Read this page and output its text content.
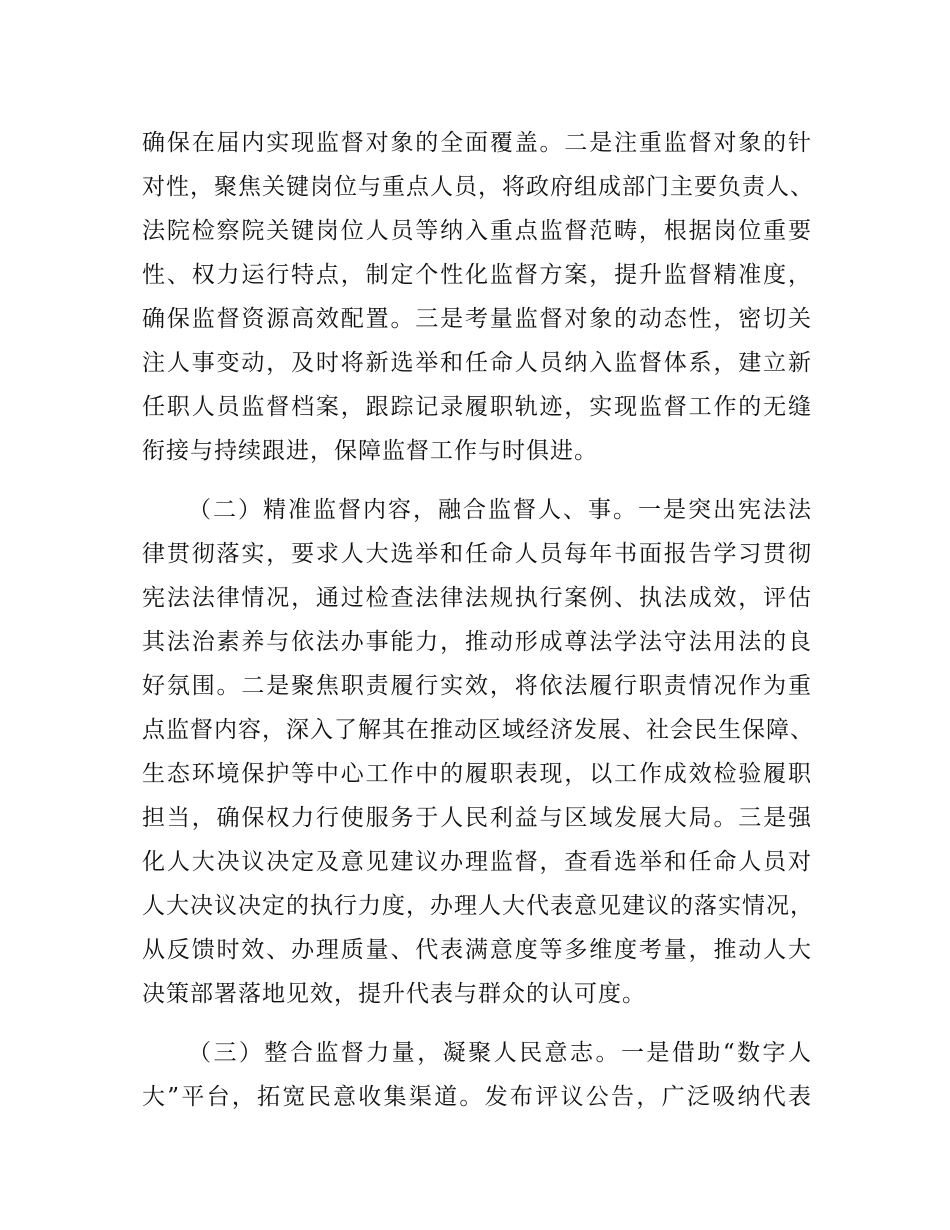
确保在届内实现监督对象的全面覆盖。二是注重监督对象的针
对性，聚焦关键岗位与重点人员，将政府组成部门主要负责人、
法院检察院关键岗位人员等纳入重点监督范畴，根据岗位重要
性、权力运行特点，制定个性化监督方案，提升监督精准度，
确保监督资源高效配置。三是考量监督对象的动态性，密切关
注人事变动，及时将新选举和任命人员纳入监督体系，建立新
任职人员监督档案，跟踪记录履职轨迹，实现监督工作的无缝
衔接与持续跟进，保障监督工作与时俱进。
（二）精准监督内容，融合监督人、事。一是突出宪法法
律贯彻落实，要求人大选举和任命人员每年书面报告学习贯彻
宪法法律情况，通过检查法律法规执行案例、执法成效，评估
其法治素养与依法办事能力，推动形成尊法学法守法用法的良
好氛围。二是聚焦职责履行实效，将依法履行职责情况作为重
点监督内容，深入了解其在推动区域经济发展、社会民生保障、
生态环境保护等中心工作中的履职表现，以工作成效检验履职
担当，确保权力行使服务于人民利益与区域发展大局。三是强
化人大决议决定及意见建议办理监督，查看选举和任命人员对
人大决议决定的执行力度，办理人大代表意见建议的落实情况，
从反馈时效、办理质量、代表满意度等多维度考量，推动人大
决策部署落地见效，提升代表与群众的认可度。
（三）整合监督力量，凝聚人民意志。一是借助“数字人
大”平台，拓宽民意收集渠道。发布评议公告，广泛吸纳代表
